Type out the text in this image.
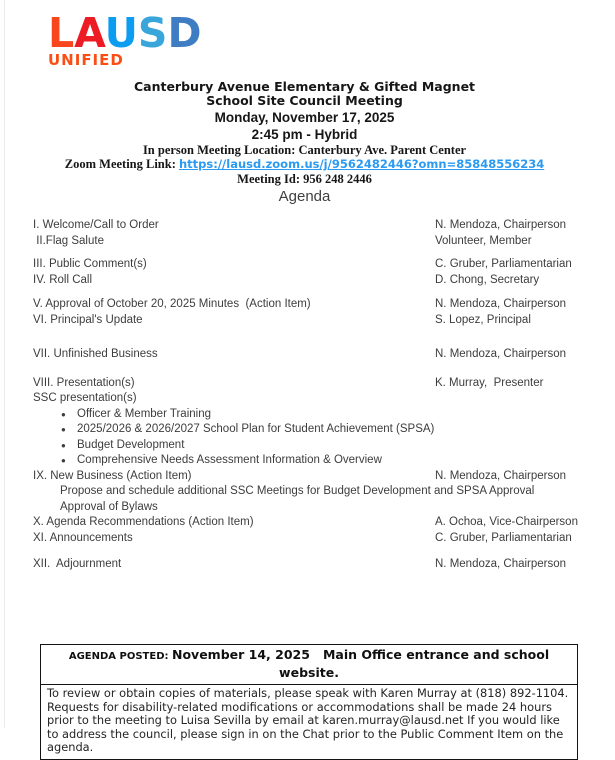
LAUSD
UNIFIED
Canterbury Avenue Elementary & Gifted Magnet
School Site Council Meeting
Monday, November 17, 2025
2:45 pm - Hybrid
In person Meeting Location: Canterbury Ave. Parent Center
Zoom Meeting Link: https://lausd.zoom.us/j/9562482446?omn=85848556234
Meeting Id: 956 248 2446
Agenda
I. Welcome/Call to Order	N. Mendoza, Chairperson
II.Flag Salute	Volunteer, Member
III. Public Comment(s)	C. Gruber, Parliamentarian
IV. Roll Call	D. Chong, Secretary
V. Approval of October 20, 2025 Minutes  (Action Item)	N. Mendoza, Chairperson
VI. Principal's Update	S. Lopez, Principal
VII. Unfinished Business	N. Mendoza, Chairperson
VIII. Presentation(s)	K. Murray,  Presenter
SSC presentation(s)
● Officer & Member Training
● 2025/2026 & 2026/2027 School Plan for Student Achievement (SPSA)
● Budget Development
● Comprehensive Needs Assessment Information & Overview
IX. New Business (Action Item)	N. Mendoza, Chairperson
Propose and schedule additional SSC Meetings for Budget Development and SPSA Approval
Approval of Bylaws
X. Agenda Recommendations (Action Item)	A. Ochoa, Vice-Chairperson
XI. Announcements	C. Gruber, Parliamentarian
XII.  Adjournment	N. Mendoza, Chairperson
AGENDA POSTED: November 14, 2025   Main Office entrance and school website.
To review or obtain copies of materials, please speak with Karen Murray at (818) 892-1104. Requests for disability-related modifications or accommodations shall be made 24 hours prior to the meeting to Luisa Sevilla by email at karen.murray@lausd.net If you would like to address the council, please sign in on the Chat prior to the Public Comment Item on the agenda.
